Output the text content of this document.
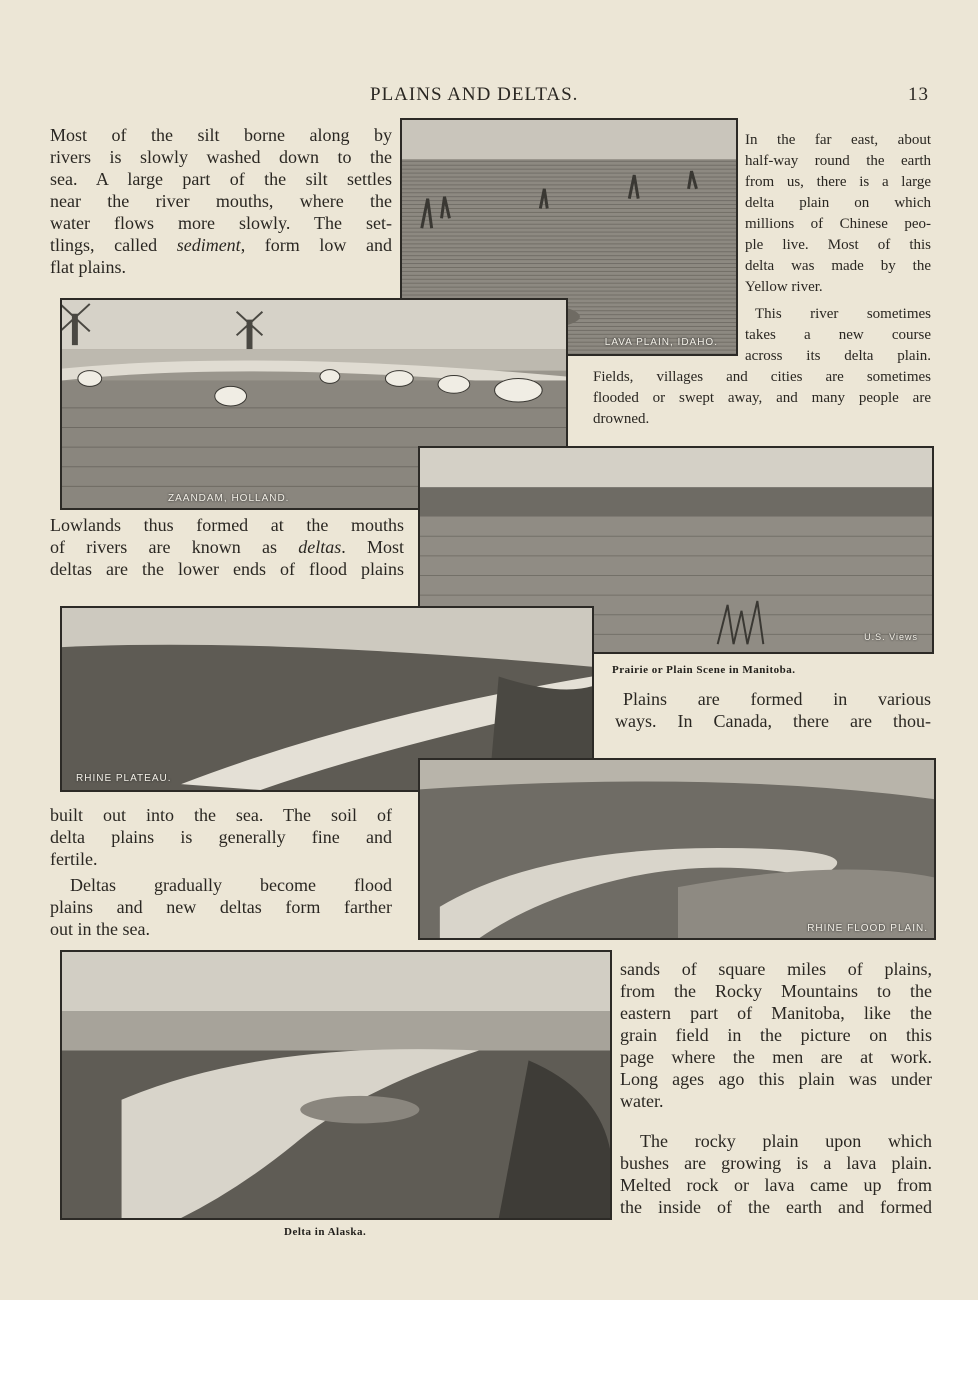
PLAINS AND DELTAS.	13
Most of the silt borne along by
rivers is slowly washed down to the
sea. A large part of the silt settles
near the river mouths, where the
water flows more slowly. The set-
tlings, called sediment, form low and
flat plains.
LAVA PLAIN, IDAHO.
In the far east, about
half-way round the earth
from us, there is a large
delta plain on which
millions of Chinese peo-
ple live. Most of this
delta was made by the
Yellow river.
This river sometimes
takes a new course
across its delta plain.
Fields, villages and cities are sometimes
flooded or swept away, and many people are
drowned.
ZAANDAM, HOLLAND.
Lowlands thus formed at the mouths
of rivers are known as deltas. Most
deltas are the lower ends of flood plains
U.S. Views
Prairie or Plain Scene in Manitoba.
Plains are formed in various
ways. In Canada, there are thou-
RHINE PLATEAU.
built out into the sea. The soil of
delta plains is generally fine and
fertile.
Deltas gradually become flood
plains and new deltas form farther
out in the sea.	RHINE FLOOD PLAIN.
Delta in Alaska.
sands of square miles of plains,
from the Rocky Mountains to the
eastern part of Manitoba, like the
grain field in the picture on this
page where the men are at work.
Long ages ago this plain was under
water.
The rocky plain upon which
bushes are growing is a lava plain.
Melted rock or lava came up from
the inside of the earth and formed
